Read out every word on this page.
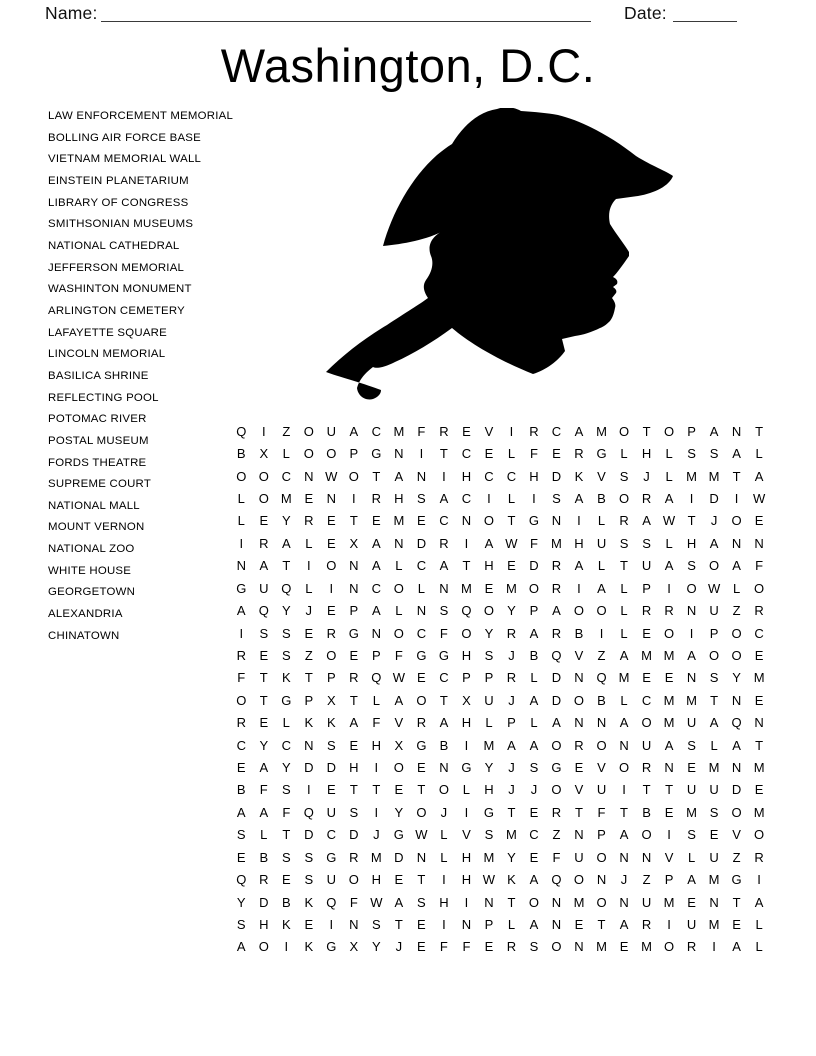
Name:	Date:
Washington, D.C.
LAW ENFORCEMENT MEMORIAL
BOLLING AIR FORCE BASE
VIETNAM MEMORIAL WALL
EINSTEIN PLANETARIUM
LIBRARY OF CONGRESS
SMITHSONIAN MUSEUMS
NATIONAL CATHEDRAL
JEFFERSON MEMORIAL
WASHINTON MONUMENT
ARLINGTON CEMETERY
LAFAYETTE SQUARE
LINCOLN MEMORIAL
BASILICA SHRINE
REFLECTING POOL
POTOMAC RIVER
POSTAL MUSEUM
FORDS THEATRE
SUPREME COURT
NATIONAL MALL
MOUNT VERNON
NATIONAL ZOO
WHITE HOUSE
GEORGETOWN
ALEXANDRIA
CHINATOWN
Q	I	Z	O U	A	C M	F	R	E	V	I	R	C	A M O	T	O	P	A	N	T
B	X	L	O O	P	G N	I	T	C	E	L	F	E	R G	L	H	L	S	S	A	L
O O C	N W O	T	A	N	I	H	C	C	H	D	K	V	S	J	L	M M	T	A
L	O M E	N	I	R	H	S	A	C	I	L	I	S	A	B	O R	A	I	D	I	W
L	E	Y	R	E	T	E M E	C	N O	T	G N	I	L	R	A W T	J	O	E
I	R	A	L	E	X	A	N	D	R	I	A W F	M H	U	S	S	L	H	A	N	N
N	A	T	I	O N	A	L	C	A	T	H	E	D	R	A	L	T	U	A	S	O	A	F
G U Q	L	I	N	C O	L	N M E M O R	I	A	L	P	I	O W L	O
A	Q	Y	J	E	P	A	L	N	S	Q O	Y	P	A	O O	L	R	R	N	U	Z	R
I	S	S	E	R G N O C	F	O	Y	R	A	R	B	I	L	E	O	I	P	O C
R	E	S	Z	O	E	P	F	G G H	S	J	B	Q	V	Z	A M M A	O O	E
F	T	K	T	P	R Q W E	C	P	P	R	L	D	N Q M E	E	N	S	Y M
O	T	G	P	X	T	L	A	O	T	X	U	J	A	D O	B	L	C M M	T	N	E
R	E	L	K	K	A	F	V	R	A	H	L	P	L	A	N	N	A	O M U	A	Q N
C	Y	C	N	S	E	H	X	G	B	I	M A	A	O R O N	U	A	S	L	A	T
E	A	Y	D	D	H	I	O	E	N G	Y	J	S	G	E	V	O R	N	E M N M
B	F	S	I	E	T	T	E	T	O	L	H	J	J	O	V	U	I	T	T	U	U	D	E
A	A	F	Q U	S	I	Y	O	J	I	G	T	E	R	T	F	T	B	E M S	O M
S	L	T	D	C	D	J	G W L	V	S M C	Z	N	P	A	O	I	S	E	V	O
E	B	S	S	G R M D	N	L	H M Y	E	F	U O N	N	V	L	U	Z	R
Q R	E	S	U O H	E	T	I	H W K	A	Q O N	J	Z	P	A M G	I
Y	D	B	K	Q	F W A	S	H	I	N	T	O N M O N	U M E	N	T	A
S	H	K	E	I	N	S	T	E	I	N	P	L	A	N	E	T	A	R	I	U M E	L
A	O	I	K	G	X	Y	J	E	F	F	E	R	S	O N M E M O R	I	A	L
